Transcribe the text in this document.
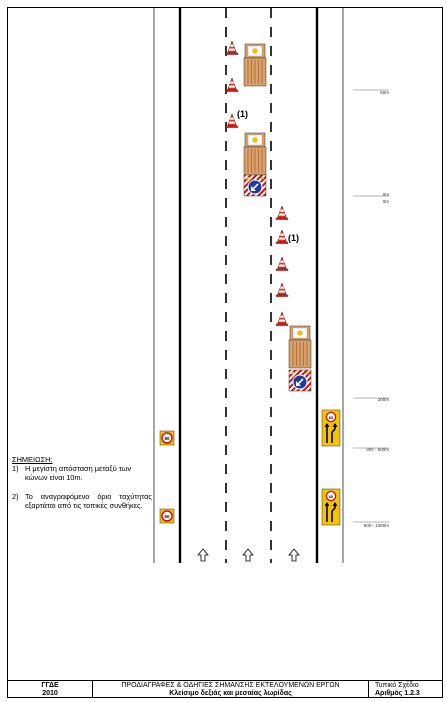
50m
0m
0m
200m
300 - 600m
600 - 1000m
(1)
(1)
60
60
60
60
ΣΗΜΕΙΩΣΗ:
1) Η μεγίστη απόσταση μεταξύ των κώνων είναι 10m.
2) Το αναγραφόμενο όριο ταχύτητας εξαρτάται από τις τοπικές συνθήκες.
ΓΓΔΕ
2010
ΠΡΟΔΙΑΓΡΑΦΕΣ & ΟΔΗΓΙΕΣ ΣΗΜΑΝΣΗΣ ΕΚΤΕΛΟΥΜΕΝΩΝ ΕΡΓΩΝ
Κλείσιμο δεξιάς και μεσαίας λωρίδας
Τυπικό Σχέδιο
Αριθμός 1.2.3
